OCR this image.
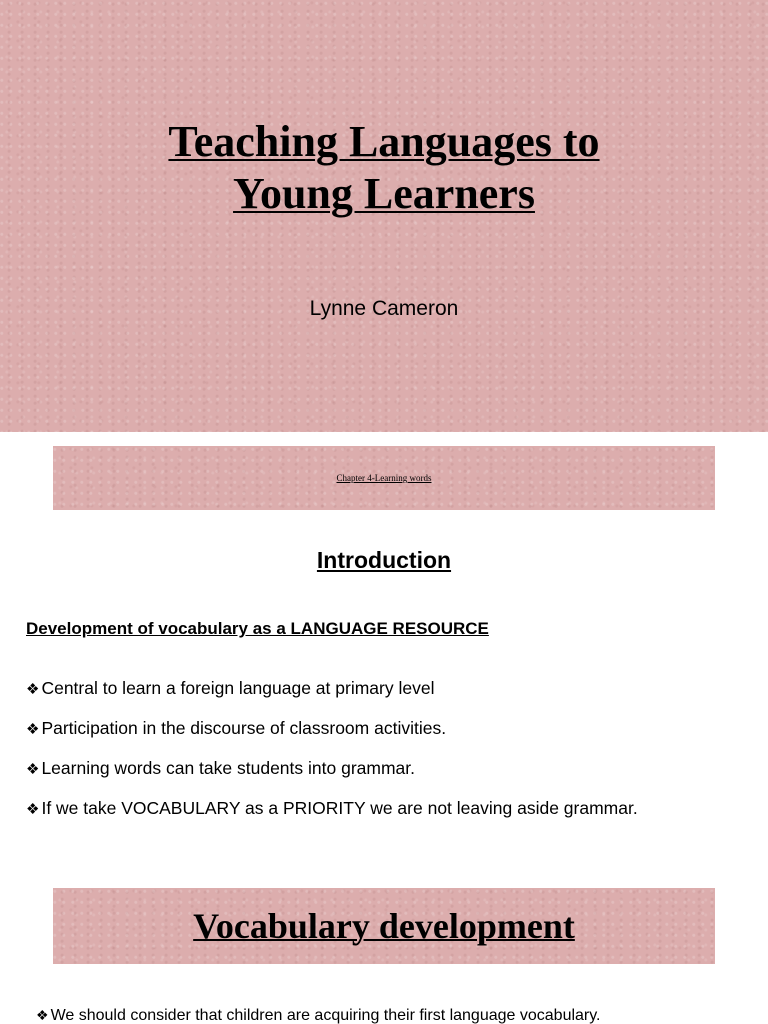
Teaching Languages to
Young Learners
Lynne Cameron
Chapter 4-Learning words
Introduction
Development of vocabulary as a LANGUAGE RESOURCE
❖ Central to learn a foreign language at primary level
❖ Participation in the discourse of classroom activities.
❖ Learning words can take students into grammar.
❖ If we take VOCABULARY as a PRIORITY we are not leaving aside grammar.
Vocabulary development
❖ We should consider that children are acquiring their first language vocabulary.
